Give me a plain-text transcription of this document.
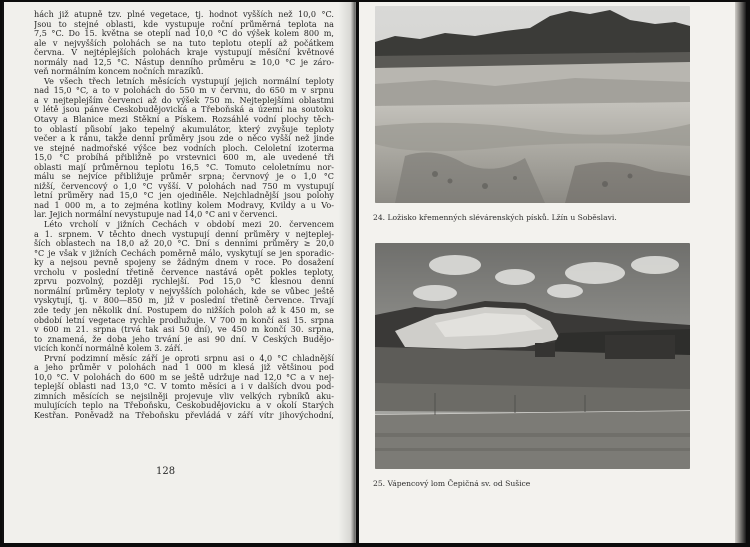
hách již atupně tzv. plné vegetace, tj. hodnot vyšších než 10,0 °C.
Jsou to stejné oblasti, kde vystupuje roční průměrná teplota na
7,5 °C. Do 15. května se oteplí nad 10,0 °C do výšek kolem 800 m,
ale v nejvyšších polohách se na tuto teplotu oteplí až počátkem
června. V nejtéplejších polohách kraje vystupují měsíční květnové
normály nad 12,5 °C. Nástup denního průměru ≥ 10,0 °C je záro-
veň normálním koncem nočních mrazíků.
Ve všech třech letních měsících vystupují jejich normální teploty
nad 15,0 °C, a to v polohách do 550 m v červnu, do 650 m v srpnu
a v nejteplejším červenci až do výšek 750 m. Nejteplejšími oblastmi
v létě jsou pánve Českobudějovická a Třeboňská a území na soutoku
Otavy a Blanice mezi Štěkní a Pískem. Rozsáhlé vodní plochy těch-
to oblastí působí jako tepelný akumulátor, který zvyšuje teploty
večer a k ránu, takže denní průměry jsou zde o něco vyšší než jinde
ve stejné nadmořské výšce bez vodních ploch. Celoletní izoterma
15,0 °C probíhá přibližně po vrstevnici 600 m, ale uvedené tři
oblasti mají průměrnou teplotu 16,5 °C. Tomuto celoletnímu nor-
málu se nejvíce přibližuje průměr srpna; červnový je o 1,0 °C
nižší, červencový o 1,0 °C vyšší. V polohách nad 750 m vystupují
letní průměry nad 15,0 °C jen ojediněle. Nejchladnější jsou polohy
nad 1 000 m, a to zejména kotliny kolem Modravy, Kvildy a u Vo-
lar. Jejich normální nevystupuje nad 14,0 °C ani v červenci.
Léto vrcholí v jižních Čechách v období mezi 20. červencem
a 1. srpnem. V těchto dnech vystupují denní průměry v nejteplej-
ších oblastech na 18,0 až 20,0 °C. Dní s denními průměry ≥ 20,0
°C je však v jižních Čechách poměrně málo, vyskytují se jen sporadic-
ky a nejsou pevně spojeny se žádným dnem v roce. Po dosažení
vrcholu v poslední třetině července nastává opět pokles teploty,
zprvu pozvolný, později rychlejší. Pod 15,0 °C klesnou denní
normální průměry teploty v nejvyšších polohách, kde se vůbec ještě
vyskytují, tj. v 800—850 m, již v poslední třetině července. Trvají
zde tedy jen několik dní. Postupem do nižších poloh až k 450 m, se
období letní vegetace rychle prodlužuje. V 700 m končí asi 15. srpna
v 600 m 21. srpna (trvá tak asi 50 dní), ve 450 m končí 30. srpna,
to znamená, že doba jeho trvání je asi 90 dní. V Českých Budějo-
vicích končí normálně kolem 3. září.
První podzimní měsíc září je oproti srpnu asi o 4,0 °C chladnější
a jeho průměr v polohách nad 1 000 m klesá již většinou pod
10,0 °C. V polohách do 600 m se ještě udržuje nad 12,0 °C a v nej-
teplejší oblasti nad 13,0 °C. V tomto měsíci a i v dalších dvou pod-
zimních měsících se nejsilněji projevuje vliv velkých rybníků aku-
mulujících teplo na Třeboňsku, Českobudějovicku a v okolí Starých
Kestřan. Poněvadž na Třeboňsku převládá v září vítr jihovýchodní,
128
24. Ložisko křemenných slévárenských písků. Lžín u Soběslavi.
25. Vápencový lom Čepičná sv. od Sušice
